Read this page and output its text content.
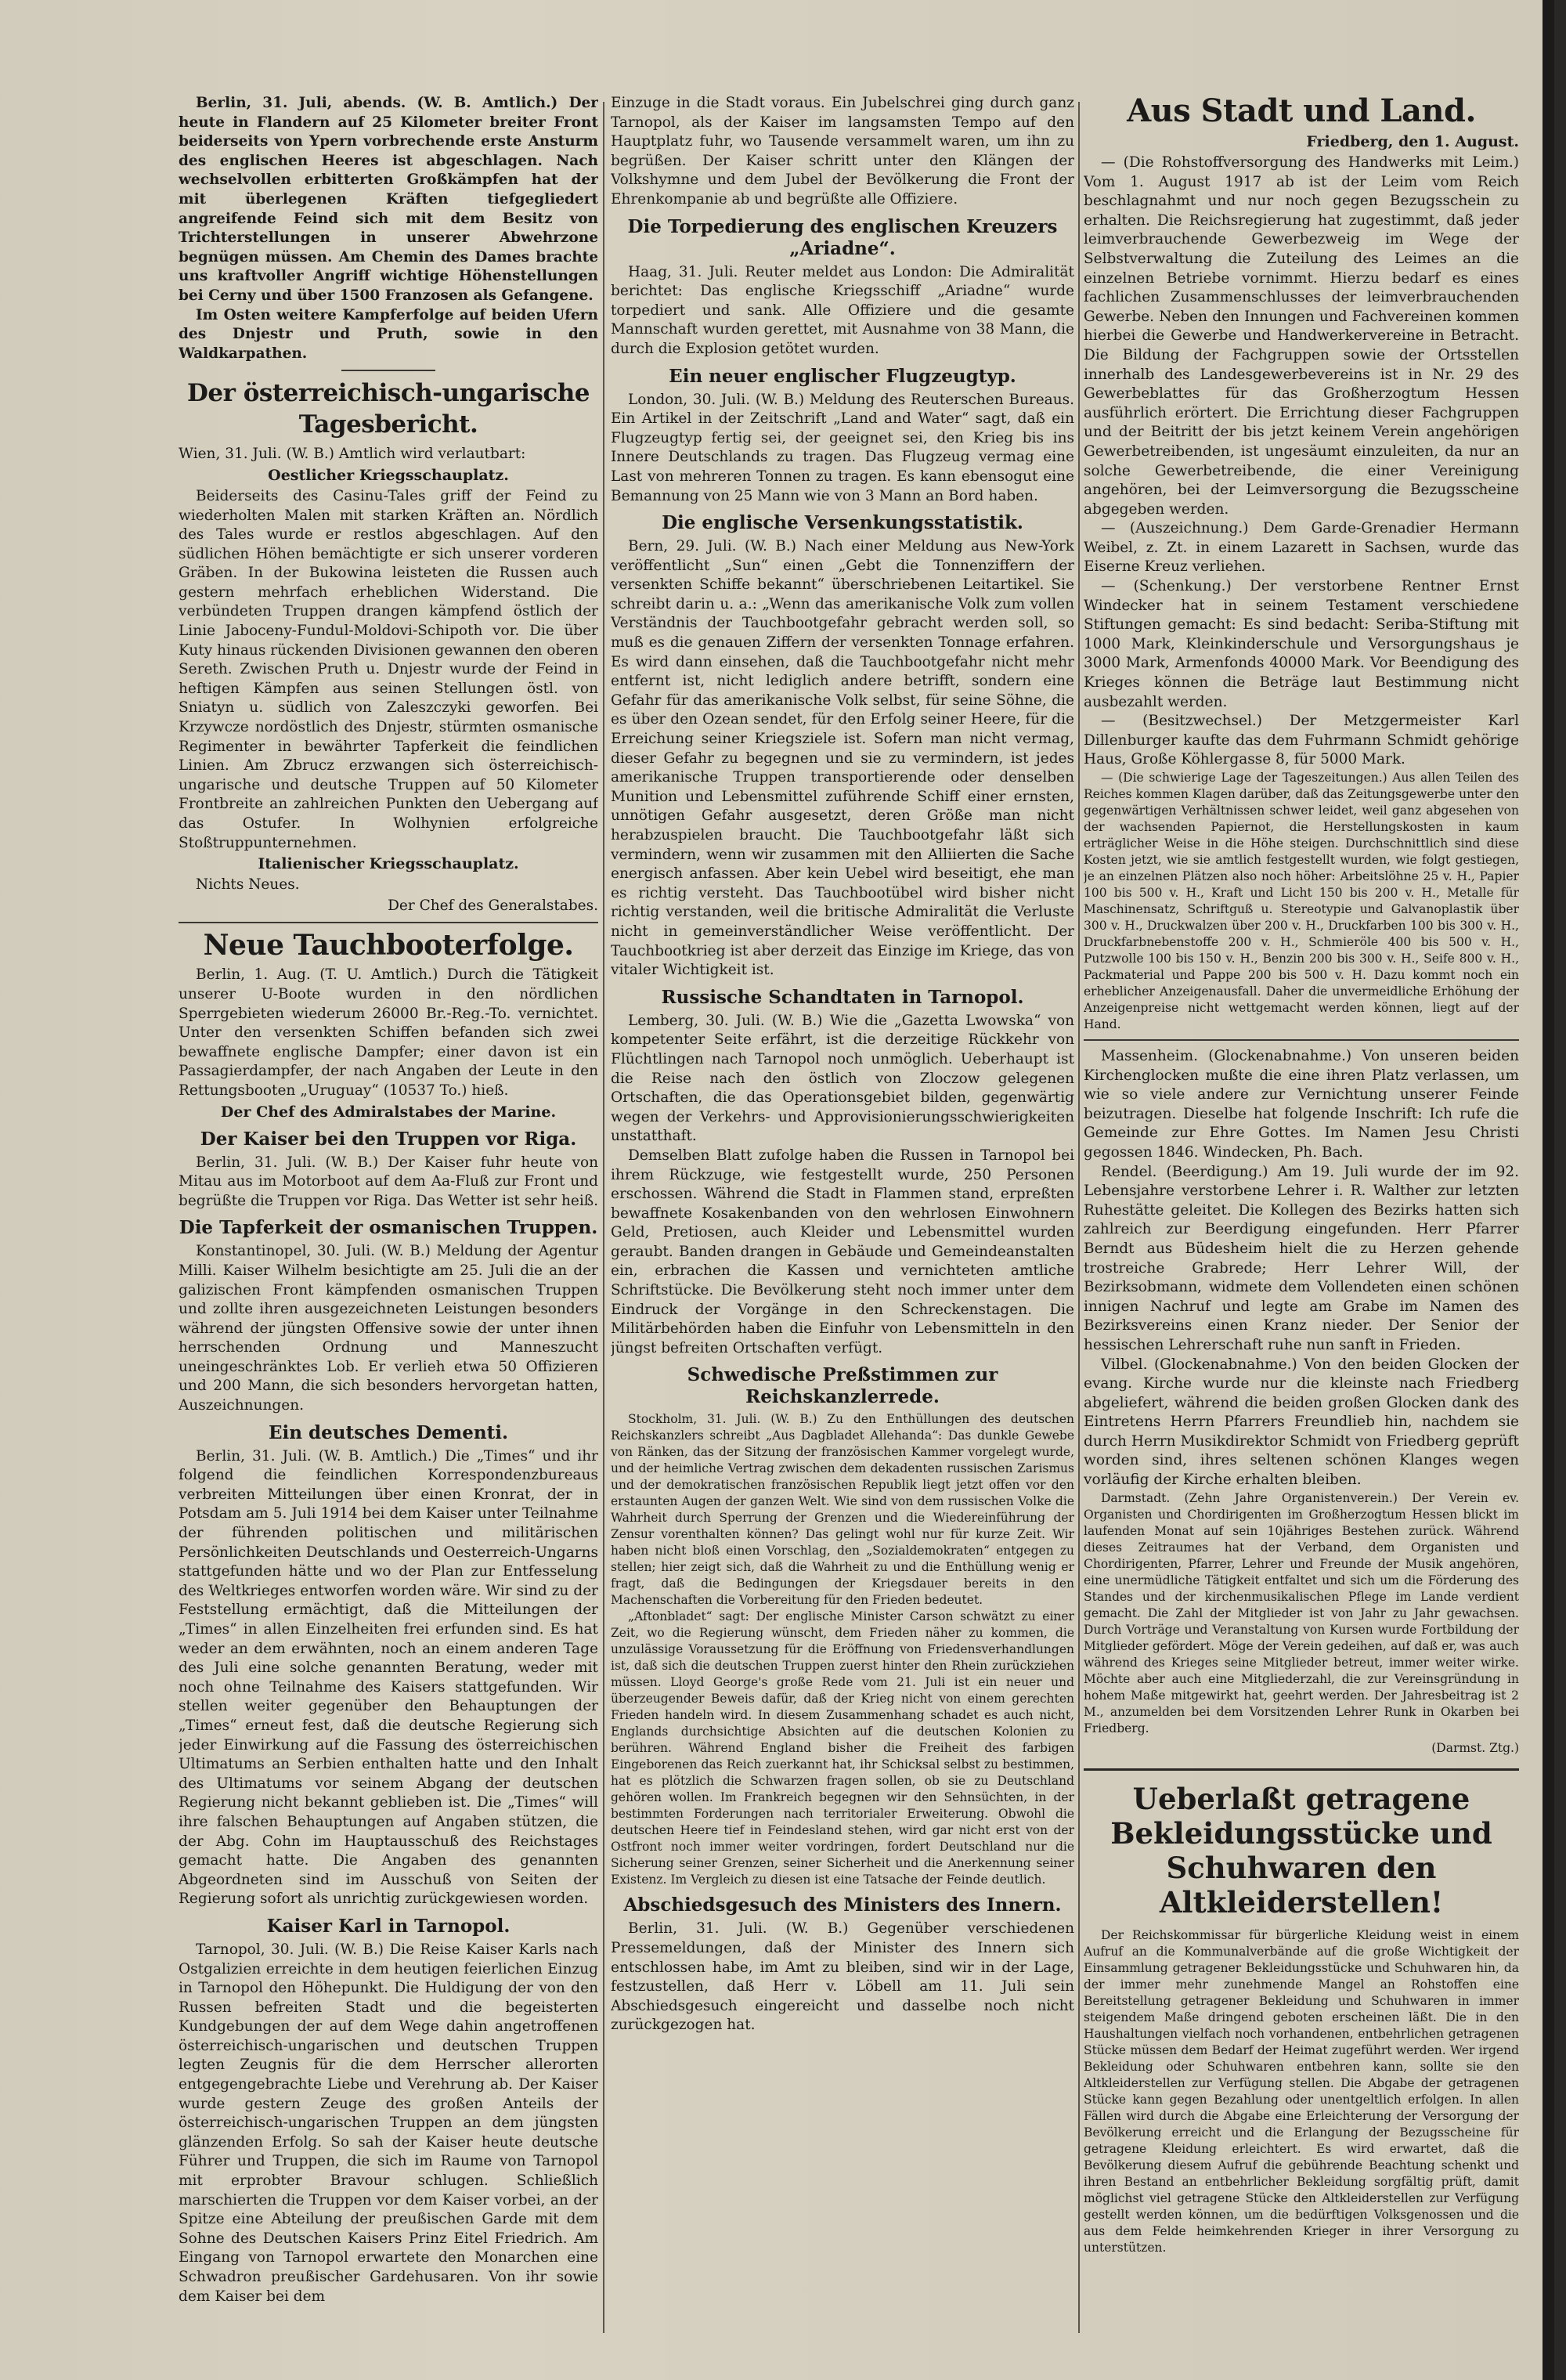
Berlin, 31. Juli, abends. (W. B. Amtlich.) Der heute in Flandern auf 25 Kilometer breiter Front beiderseits von Ypern vorbrechende erste Ansturm des englischen Heeres ist abgeschlagen. Nach wechselvollen erbitterten Großkämpfen hat der mit überlegenen Kräften tiefgegliedert angreifende Feind sich mit dem Besitz von Trichterstellungen in unserer Abwehrzone begnügen müssen. Am Chemin des Dames brachte uns kraftvoller Angriff wichtige Höhenstellungen bei Cerny und über 1500 Franzosen als Gefangene.

Im Osten weitere Kampferfolge auf beiden Ufern des Dnjestr und Pruth, sowie in den Waldkarpathen.

Der österreichisch-ungarische Tagesbericht.

Wien, 31. Juli. (W. B.) Amtlich wird verlautbart:

Oestlicher Kriegsschauplatz.

Beiderseits des Casinu-Tales griff der Feind zu wiederholten Malen mit starken Kräften an. Nördlich des Tales wurde er restlos abgeschlagen. Auf den südlichen Höhen bemächtigte er sich unserer vorderen Gräben. In der Bukowina leisteten die Russen auch gestern mehrfach erheblichen Widerstand. Die verbündeten Truppen drangen kämpfend östlich der Linie Jaboceny-Fundul-Moldovi-Schipoth vor. Die über Kuty hinaus rückenden Divisionen gewannen den oberen Sereth. Zwischen Pruth u. Dnjestr wurde der Feind in heftigen Kämpfen aus seinen Stellungen östl. von Sniatyn u. südlich von Zaleszczyki geworfen. Bei Krzywcze nordöstlich des Dnjestr, stürmten osmanische Regimenter in bewährter Tapferkeit die feindlichen Linien. Am Zbrucz erzwangen sich österreichisch-ungarische und deutsche Truppen auf 50 Kilometer Frontbreite an zahlreichen Punkten den Uebergang auf das Ostufer. In Wolhynien erfolgreiche Stoßtruppunternehmen.

Italienischer Kriegsschauplatz.

Nichts Neues.

Der Chef des Generalstabes.
Neue Tauchbooterfolge.

Berlin, 1. Aug. (T. U. Amtlich.) Durch die Tätigkeit unserer U-Boote wurden in den nördlichen Sperrgebieten wiederum 26000 Br.-Reg.-To. vernichtet. Unter den versenkten Schiffen befanden sich zwei bewaffnete englische Dampfer; einer davon ist ein Passagierdampfer, der nach Angaben der Leute in den Rettungsbooten „Uruguay“ (10537 To.) hieß.

Der Chef des Admiralstabes der Marine.
Der Kaiser bei den Truppen vor Riga.

Berlin, 31. Juli. (W. B.) Der Kaiser fuhr heute von Mitau aus im Motorboot auf dem Aa-Fluß zur Front und begrüßte die Truppen vor Riga. Das Wetter ist sehr heiß.

Die Tapferkeit der osmanischen Truppen.

Konstantinopel, 30. Juli. (W. B.) Meldung der Agentur Milli. Kaiser Wilhelm besichtigte am 25. Juli die an der galizischen Front kämpfenden osmanischen Truppen und zollte ihren ausgezeichneten Leistungen besonders während der jüngsten Offensive sowie der unter ihnen herrschenden Ordnung und Manneszucht uneingeschränktes Lob. Er verlieh etwa 50 Offizieren und 200 Mann, die sich besonders hervorgetan hatten, Auszeichnungen.

Ein deutsches Dementi.

Berlin, 31. Juli. (W. B. Amtlich.) Die „Times“ und ihr folgend die feindlichen Korrespondenzbureaus verbreiten Mitteilungen über einen Kronrat, der in Potsdam am 5. Juli 1914 bei dem Kaiser unter Teilnahme der führenden politischen und militärischen Persönlichkeiten Deutschlands und Oesterreich-Ungarns stattgefunden hätte und wo der Plan zur Entfesselung des Weltkrieges entworfen worden wäre. Wir sind zu der Feststellung ermächtigt, daß die Mitteilungen der „Times“ in allen Einzelheiten frei erfunden sind. Es hat weder an dem erwähnten, noch an einem anderen Tage des Juli eine solche genannten Beratung, weder mit noch ohne Teilnahme des Kaisers stattgefunden. Wir stellen weiter gegenüber den Behauptungen der „Times“ erneut fest, daß die deutsche Regierung sich jeder Einwirkung auf die Fassung des österreichischen Ultimatums an Serbien enthalten hatte und den Inhalt des Ultimatums vor seinem Abgang der deutschen Regierung nicht bekannt geblieben ist. Die „Times“ will ihre falschen Behauptungen auf Angaben stützen, die der Abg. Cohn im Hauptausschuß des Reichstages gemacht hatte. Die Angaben des genannten Abgeordneten sind im Ausschuß von Seiten der Regierung sofort als unrichtig zurückgewiesen worden.

Kaiser Karl in Tarnopol.

Tarnopol, 30. Juli. (W. B.) Die Reise Kaiser Karls nach Ostgalizien erreichte in dem heutigen feierlichen Einzug in Tarnopol den Höhepunkt. Die Huldigung der von den Russen befreiten Stadt und die begeisterten Kundgebungen der auf dem Wege dahin angetroffenen österreichisch-ungarischen und deutschen Truppen legten Zeugnis für die dem Herrscher allerorten entgegengebrachte Liebe und Verehrung ab. Der Kaiser wurde gestern Zeuge des großen Anteils der österreichisch-ungarischen Truppen an dem jüngsten glänzenden Erfolg. So sah der Kaiser heute deutsche Führer und Truppen, die sich im Raume von Tarnopol mit erprobter Bravour schlugen. Schließlich marschierten die Truppen vor dem Kaiser vorbei, an der Spitze eine Abteilung der preußischen Garde mit dem Sohne des Deutschen Kaisers Prinz Eitel Friedrich. Am Eingang von Tarnopol erwartete den Monarchen eine Schwadron preußischer Gardehusaren. Von ihr sowie dem Kaiser bei dem

Einzuge in die Stadt voraus. Ein Jubelschrei ging durch ganz Tarnopol, als der Kaiser im langsamsten Tempo auf den Hauptplatz fuhr, wo Tausende versammelt waren, um ihn zu begrüßen. Der Kaiser schritt unter den Klängen der Volkshymne und dem Jubel der Bevölkerung die Front der Ehrenkompanie ab und begrüßte alle Offiziere.

Die Torpedierung des englischen Kreuzers „Ariadne“.

Haag, 31. Juli. Reuter meldet aus London: Die Admiralität berichtet: Das englische Kriegsschiff „Ariadne“ wurde torpediert und sank. Alle Offiziere und die gesamte Mannschaft wurden gerettet, mit Ausnahme von 38 Mann, die durch die Explosion getötet wurden.

Ein neuer englischer Flugzeugtyp.

London, 30. Juli. (W. B.) Meldung des Reuterschen Bureaus. Ein Artikel in der Zeitschrift „Land and Water“ sagt, daß ein Flugzeugtyp fertig sei, der geeignet sei, den Krieg bis ins Innere Deutschlands zu tragen. Das Flugzeug vermag eine Last von mehreren Tonnen zu tragen. Es kann ebensogut eine Bemannung von 25 Mann wie von 3 Mann an Bord haben.

Die englische Versenkungsstatistik.

Bern, 29. Juli. (W. B.) Nach einer Meldung aus New-York veröffentlicht „Sun“ einen „Gebt die Tonnenziffern der versenkten Schiffe bekannt“ überschriebenen Leitartikel. Sie schreibt darin u. a.: „Wenn das amerikanische Volk zum vollen Verständnis der Tauchbootgefahr gebracht werden soll, so muß es die genauen Ziffern der versenkten Tonnage erfahren. Es wird dann einsehen, daß die Tauchbootgefahr nicht mehr entfernt ist, nicht lediglich andere betrifft, sondern eine Gefahr für das amerikanische Volk selbst, für seine Söhne, die es über den Ozean sendet, für den Erfolg seiner Heere, für die Erreichung seiner Kriegsziele ist. Sofern man nicht vermag, dieser Gefahr zu begegnen und sie zu vermindern, ist jedes amerikanische Truppen transportierende oder denselben Munition und Lebensmittel zuführende Schiff einer ernsten, unnötigen Gefahr ausgesetzt, deren Größe man nicht herabzuspielen braucht. Die Tauchbootgefahr läßt sich vermindern, wenn wir zusammen mit den Alliierten die Sache energisch anfassen. Aber kein Uebel wird beseitigt, ehe man es richtig versteht. Das Tauchbootübel wird bisher nicht richtig verstanden, weil die britische Admiralität die Verluste nicht in gemeinverständlicher Weise veröffentlicht. Der Tauchbootkrieg ist aber derzeit das Einzige im Kriege, das von vitaler Wichtigkeit ist.

Russische Schandtaten in Tarnopol.

Lemberg, 30. Juli. (W. B.) Wie die „Gazetta Lwowska“ von kompetenter Seite erfährt, ist die derzeitige Rückkehr von Flüchtlingen nach Tarnopol noch unmöglich. Ueberhaupt ist die Reise nach den östlich von Zloczow gelegenen Ortschaften, die das Operationsgebiet bilden, gegenwärtig wegen der Verkehrs- und Approvisionierungsschwierigkeiten unstatthaft.

Demselben Blatt zufolge haben die Russen in Tarnopol bei ihrem Rückzuge, wie festgestellt wurde, 250 Personen erschossen. Während die Stadt in Flammen stand, erpreßten bewaffnete Kosakenbanden von den wehrlosen Einwohnern Geld, Pretiosen, auch Kleider und Lebensmittel wurden geraubt. Banden drangen in Gebäude und Gemeindeanstalten ein, erbrachen die Kassen und vernichteten amtliche Schriftstücke. Die Bevölkerung steht noch immer unter dem Eindruck der Vorgänge in den Schreckenstagen. Die Militärbehörden haben die Einfuhr von Lebensmitteln in den jüngst befreiten Ortschaften verfügt.

Schwedische Preßstimmen zur Reichskanzlerrede.

Stockholm, 31. Juli. (W. B.) Zu den Enthüllungen des deutschen Reichskanzlers schreibt „Aus Dagbladet Allehanda“: Das dunkle Gewebe von Ränken, das der Sitzung der französischen Kammer vorgelegt wurde, und der heimliche Vertrag zwischen dem dekadenten russischen Zarismus und der demokratischen französischen Republik liegt jetzt offen vor den erstaunten Augen der ganzen Welt. Wie sind von dem russischen Volke die Wahrheit durch Sperrung der Grenzen und die Wiedereinführung der Zensur vorenthalten können? Das gelingt wohl nur für kurze Zeit. Wir haben nicht bloß einen Vorschlag, den „Sozialdemokraten“ entgegen zu stellen; hier zeigt sich, daß die Wahrheit zu und die Enthüllung wenig er fragt, daß die Bedingungen der Kriegsdauer bereits in den Machenschaften die Vorbereitung für den Frieden bedeutet.

„Aftonbladet“ sagt: Der englische Minister Carson schwätzt zu einer Zeit, wo die Regierung wünscht, dem Frieden näher zu kommen, die unzulässige Voraussetzung für die Eröffnung von Friedensverhandlungen ist, daß sich die deutschen Truppen zuerst hinter den Rhein zurückziehen müssen. Lloyd George's große Rede vom 21. Juli ist ein neuer und überzeugender Beweis dafür, daß der Krieg nicht von einem gerechten Frieden handeln wird. In diesem Zusammenhang schadet es auch nicht, Englands durchsichtige Absichten auf die deutschen Kolonien zu berühren. Während England bisher die Freiheit des farbigen Eingeborenen das Reich zuerkannt hat, ihr Schicksal selbst zu bestimmen, hat es plötzlich die Schwarzen fragen sollen, ob sie zu Deutschland gehören wollen. Im Frankreich begegnen wir den Sehnsüchten, in der bestimmten Forderungen nach territorialer Erweiterung. Obwohl die deutschen Heere tief in Feindesland stehen, wird gar nicht erst von der Ostfront noch immer weiter vordringen, fordert Deutschland nur die Sicherung seiner Grenzen, seiner Sicherheit und die Anerkennung seiner Existenz. Im Vergleich zu diesen ist eine Tatsache der Feinde deutlich.

Abschiedsgesuch des Ministers des Innern.

Berlin, 31. Juli. (W. B.) Gegenüber verschiedenen Pressemeldungen, daß der Minister des Innern sich entschlossen habe, im Amt zu bleiben, sind wir in der Lage, festzustellen, daß Herr v. Löbell am 11. Juli sein Abschiedsgesuch eingereicht und dasselbe noch nicht zurückgezogen hat.

Aus Stadt und Land.
Friedberg, den 1. August.

— (Die Rohstoffversorgung des Handwerks mit Leim.) Vom 1. August 1917 ab ist der Leim vom Reich beschlagnahmt und nur noch gegen Bezugsschein zu erhalten. Die Reichsregierung hat zugestimmt, daß jeder leimverbrauchende Gewerbezweig im Wege der Selbstverwaltung die Zuteilung des Leimes an die einzelnen Betriebe vornimmt. Hierzu bedarf es eines fachlichen Zusammenschlusses der leimverbrauchenden Gewerbe. Neben den Innungen und Fachvereinen kommen hierbei die Gewerbe und Handwerkervereine in Betracht. Die Bildung der Fachgruppen sowie der Ortsstellen innerhalb des Landesgewerbevereins ist in Nr. 29 des Gewerbeblattes für das Großherzogtum Hessen ausführlich erörtert. Die Errichtung dieser Fachgruppen und der Beitritt der bis jetzt keinem Verein angehörigen Gewerbetreibenden, ist ungesäumt einzuleiten, da nur an solche Gewerbetreibende, die einer Vereinigung angehören, bei der Leimversorgung die Bezugsscheine abgegeben werden.

— (Auszeichnung.) Dem Garde-Grenadier Hermann Weibel, z. Zt. in einem Lazarett in Sachsen, wurde das Eiserne Kreuz verliehen.

— (Schenkung.) Der verstorbene Rentner Ernst Windecker hat in seinem Testament verschiedene Stiftungen gemacht: Es sind bedacht: Seriba-Stiftung mit 1000 Mark, Kleinkinderschule und Versorgungshaus je 3000 Mark, Armenfonds 40000 Mark. Vor Beendigung des Krieges können die Beträge laut Bestimmung nicht ausbezahlt werden.

— (Besitzwechsel.) Der Metzgermeister Karl Dillenburger kaufte das dem Fuhrmann Schmidt gehörige Haus, Große Köhlergasse 8, für 5000 Mark.

— (Die schwierige Lage der Tageszeitungen.) Aus allen Teilen des Reiches kommen Klagen darüber, daß das Zeitungsgewerbe unter den gegenwärtigen Verhältnissen schwer leidet, weil ganz abgesehen von der wachsenden Papiernot, die Herstellungskosten in kaum erträglicher Weise in die Höhe steigen. Durchschnittlich sind diese Kosten jetzt, wie sie amtlich festgestellt wurden, wie folgt gestiegen, je an einzelnen Plätzen also noch höher: Arbeitslöhne 25 v. H., Papier 100 bis 500 v. H., Kraft und Licht 150 bis 200 v. H., Metalle für Maschinensatz, Schriftguß u. Stereotypie und Galvanoplastik über 300 v. H., Druckwalzen über 200 v. H., Druckfarben 100 bis 300 v. H., Druckfarbnebenstoffe 200 v. H., Schmieröle 400 bis 500 v. H., Putzwolle 100 bis 150 v. H., Benzin 200 bis 300 v. H., Seife 800 v. H., Packmaterial und Pappe 200 bis 500 v. H. Dazu kommt noch ein erheblicher Anzeigenausfall. Daher die unvermeidliche Erhöhung der Anzeigenpreise nicht wettgemacht werden können, liegt auf der Hand.

Massenheim. (Glockenabnahme.) Von unseren beiden Kirchenglocken mußte die eine ihren Platz verlassen, um wie so viele andere zur Vernichtung unserer Feinde beizutragen. Dieselbe hat folgende Inschrift: Ich rufe die Gemeinde zur Ehre Gottes. Im Namen Jesu Christi gegossen 1846. Windecken, Ph. Bach.

Rendel. (Beerdigung.) Am 19. Juli wurde der im 92. Lebensjahre verstorbene Lehrer i. R. Walther zur letzten Ruhestätte geleitet. Die Kollegen des Bezirks hatten sich zahlreich zur Beerdigung eingefunden. Herr Pfarrer Berndt aus Büdesheim hielt die zu Herzen gehende trostreiche Grabrede; Herr Lehrer Will, der Bezirksobmann, widmete dem Vollendeten einen schönen innigen Nachruf und legte am Grabe im Namen des Bezirksvereins einen Kranz nieder. Der Senior der hessischen Lehrerschaft ruhe nun sanft in Frieden.

Vilbel. (Glockenabnahme.) Von den beiden Glocken der evang. Kirche wurde nur die kleinste nach Friedberg abgeliefert, während die beiden großen Glocken dank des Eintretens Herrn Pfarrers Freundlieb hin, nachdem sie durch Herrn Musikdirektor Schmidt von Friedberg geprüft worden sind, ihres seltenen schönen Klanges wegen vorläufig der Kirche erhalten bleiben.

Darmstadt. (Zehn Jahre Organistenverein.) Der Verein ev. Organisten und Chordirigenten im Großherzogtum Hessen blickt im laufenden Monat auf sein 10jähriges Bestehen zurück. Während dieses Zeitraumes hat der Verband, dem Organisten und Chordirigenten, Pfarrer, Lehrer und Freunde der Musik angehören, eine unermüdliche Tätigkeit entfaltet und sich um die Förderung des Standes und der kirchenmusikalischen Pflege im Lande verdient gemacht. Die Zahl der Mitglieder ist von Jahr zu Jahr gewachsen. Durch Vorträge und Veranstaltung von Kursen wurde Fortbildung der Mitglieder gefördert. Möge der Verein gedeihen, auf daß er, was auch während des Krieges seine Mitglieder betreut, immer weiter wirke. Möchte aber auch eine Mitgliederzahl, die zur Vereinsgründung in hohem Maße mitgewirkt hat, geehrt werden. Der Jahresbeitrag ist 2 M., anzumelden bei dem Vorsitzenden Lehrer Runk in Okarben bei Friedberg.

(Darmst. Ztg.)
Ueberlaßt getragene Bekleidungsstücke und Schuhwaren den Altkleiderstellen!

Der Reichskommissar für bürgerliche Kleidung weist in einem Aufruf an die Kommunalverbände auf die große Wichtigkeit der Einsammlung getragener Bekleidungsstücke und Schuhwaren hin, da der immer mehr zunehmende Mangel an Rohstoffen eine Bereitstellung getragener Bekleidung und Schuhwaren in immer steigendem Maße dringend geboten erscheinen läßt. Die in den Haushaltungen vielfach noch vorhandenen, entbehrlichen getragenen Stücke müssen dem Bedarf der Heimat zugeführt werden. Wer irgend Bekleidung oder Schuhwaren entbehren kann, sollte sie den Altkleiderstellen zur Verfügung stellen. Die Abgabe der getragenen Stücke kann gegen Bezahlung oder unentgeltlich erfolgen. In allen Fällen wird durch die Abgabe eine Erleichterung der Versorgung der Bevölkerung erreicht und die Erlangung der Bezugsscheine für getragene Kleidung erleichtert. Es wird erwartet, daß die Bevölkerung diesem Aufruf die gebührende Beachtung schenkt und ihren Bestand an entbehrlicher Bekleidung sorgfältig prüft, damit möglichst viel getragene Stücke den Altkleiderstellen zur Verfügung gestellt werden können, um die bedürftigen Volksgenossen und die aus dem Felde heimkehrenden Krieger in ihrer Versorgung zu unterstützen.
